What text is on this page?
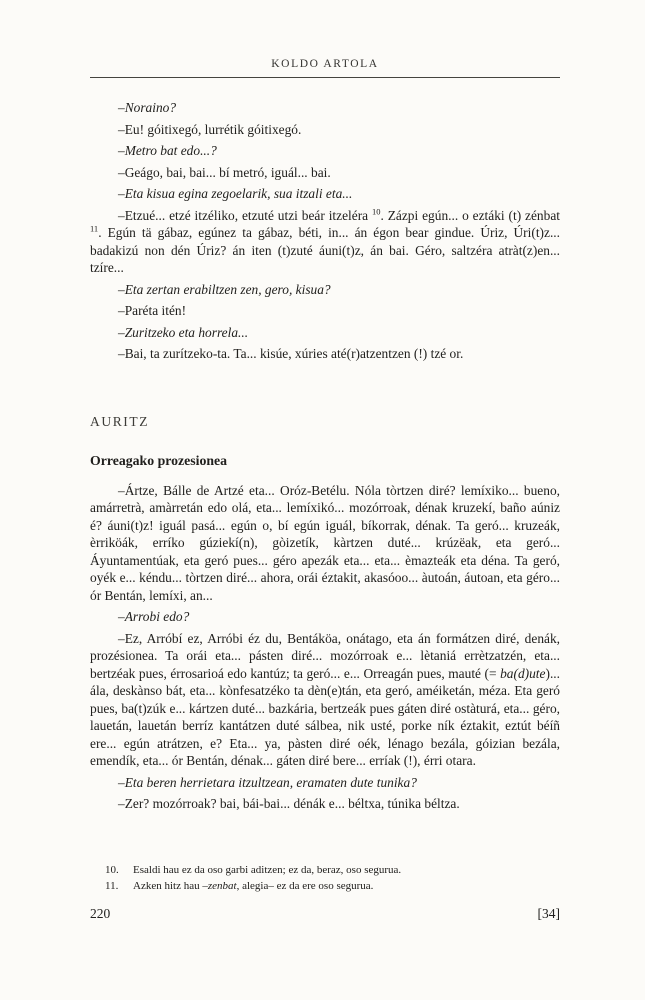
KOLDO ARTOLA

–Noraino?

–Eu! góitixegó, lurrétik góitixegó.

–Metro bat edo...?

–Geágo, bai, bai... bí metró, iguál... bai.

–Eta kisua egina zegoelarik, sua itzali eta...

–Etzué... etzé itzéliko, etzuté utzi beár itzeléra $^{10}$. Zázpi egún... o eztáki (t) zénbat $^{11}$. Egún tä gábaz, egúnez ta gábaz, béti, in... án égon bear gindue. Úriz, Úri(t)z... badakizú non dén Úriz? án iten (t)zuté áuni(t)z, án bai. Géro, saltzéra atràt(z)en... tzíre...

–Eta zertan erabiltzen zen, gero, kisua?

–Paréta itén!

–Zuritzeko eta horrela...

–Bai, ta zurítzeko-ta. Ta... kisúe, xúries até(r)atzentzen (!) tzé or.

AURITZ
Orreagako prozesionea

–Ártze, Bálle de Artzé eta... Oróz-Betélu. Nóla tòrtzen diré? lemíxiko... bueno, amárretrà, amàrretán edo olá, eta... lemíxikó... mozórroak, dénak kruzekí, baño aúniz é? áuni(t)z! iguál pasá... egún o, bí egún iguál, bíkorrak, dénak. Ta geró... kruzeák, èrriköák, erríko gúziekí(n), gòizetík, kàrtzen duté... krúzëak, eta geró... Áyuntamentúak, eta geró pues... géro apezák eta... eta... èmazteák eta déna. Ta geró, oyék e... kéndu... tòrtzen diré... ahora, orái éztakit, akasóoo... àutoán, áutoan, eta géro... ór Bentán, lemíxi, an...

–Arrobi edo?

–Ez, Arróbí ez, Arróbi éz du, Bentáköa, onátago, eta án formátzen diré, denák, prozésionea. Ta orái eta... pásten diré... mozórroak e... lètaniá errètzatzén, eta... bertzéak pues, érrosarioá edo kantúz; ta geró... e... Orreagán pues, mauté (= ba(d)ute)... ála, deskànso bát, eta... kònfesatzéko ta dèn(e)tán, eta geró, améiketán, méza. Eta geró pues, ba(t)zúk e... kártzen duté... bazkária, bertzeák pues gáten diré ostàturá, eta... géro, lauetán, lauetán berríz kantátzen duté sálbea, nik usté, porke ník éztakit, eztút béíñ ere... egún atrátzen, e? Eta... ya, pàsten diré oék, lénago bezála, góizian bezála, emendík, eta... ór Bentán, dénak... gáten diré bere... erríak (!), érri otara.

–Eta beren herrietara itzultzean, eramaten dute tunika?

–Zer? mozórroak? bai, bái-bai... dénák e... béltxa, túnika béltza.

10.	Esaldi hau ez da oso garbi aditzen; ez da, beraz, oso segurua.
11.	Azken hitz hau –zenbat, alegia– ez da ere oso segurua.
220	[34]
